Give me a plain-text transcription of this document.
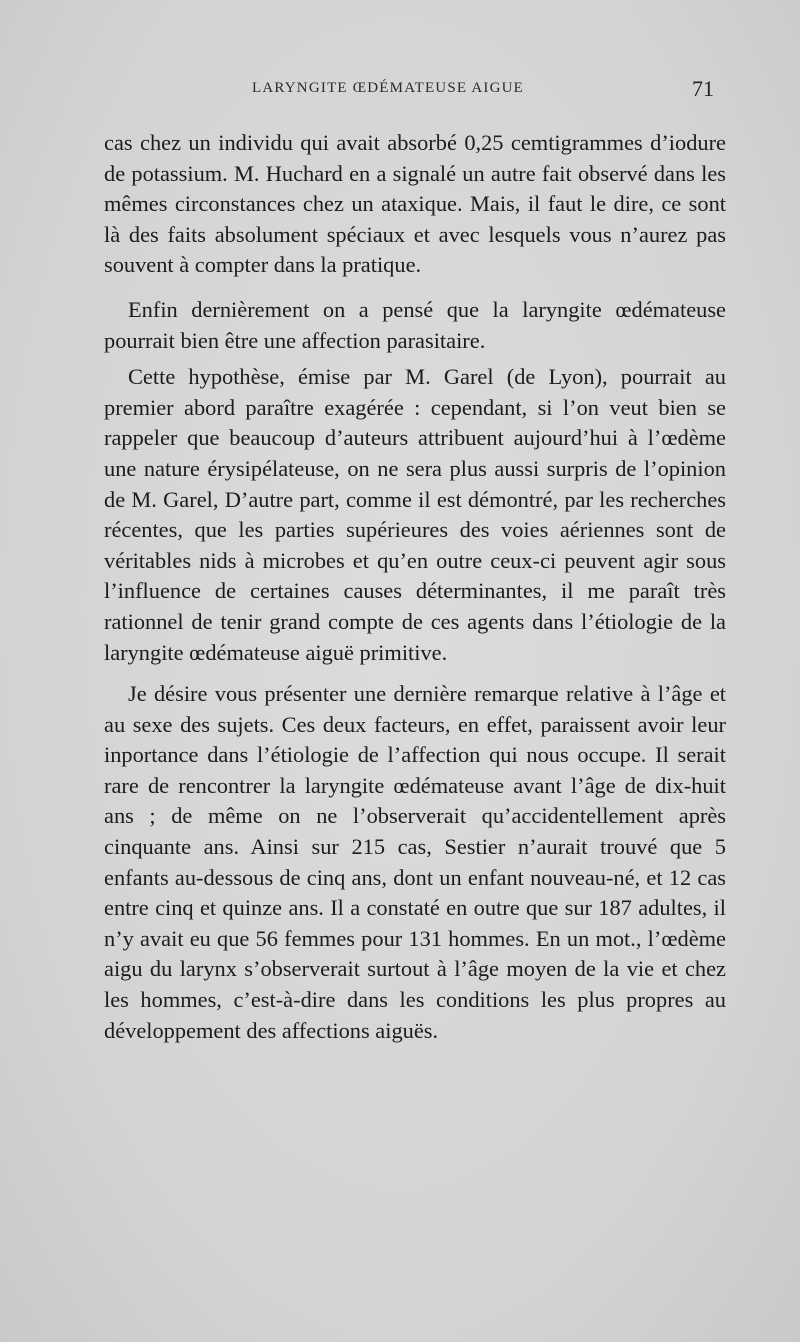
LARYNGITE ŒDÉMATEUSE AIGUE	71

cas chez un individu qui avait absorbé 0,25 cemtigrammes d’iodure de potassium. M. Huchard en a signalé un autre fait observé dans les mêmes circonstances chez un ataxique. Mais, il faut le dire, ce sont là des faits absolument spéciaux et avec lesquels vous n’aurez pas souvent à compter dans la pratique.

Enfin dernièrement on a pensé que la laryngite œdémateuse pourrait bien être une affection parasitaire.

Cette hypothèse, émise par M. Garel (de Lyon), pourrait au premier abord paraître exagérée : cependant, si l’on veut bien se rappeler que beaucoup d’auteurs attribuent aujourd’hui à l’œdème une nature érysipélateuse, on ne sera plus aussi surpris de l’opinion de M. Garel, D’autre part, comme il est démontré, par les recherches récentes, que les parties supérieures des voies aériennes sont de véritables nids à microbes et qu’en outre ceux-ci peuvent agir sous l’influence de certaines causes déterminantes, il me paraît très rationnel de tenir grand compte de ces agents dans l’étiologie de la laryngite œdémateuse aiguë primitive.

Je désire vous présenter une dernière remarque relative à l’âge et au sexe des sujets. Ces deux facteurs, en effet, paraissent avoir leur inportance dans l’étiologie de l’affection qui nous occupe. Il serait rare de rencontrer la laryngite œdémateuse avant l’âge de dix-huit ans ; de même on ne l’observerait qu’accidentellement après cinquante ans. Ainsi sur 215 cas, Sestier n’aurait trouvé que 5 enfants au-dessous de cinq ans, dont un enfant nouveau-né, et 12 cas entre cinq et quinze ans. Il a constaté en outre que sur 187 adultes, il n’y avait eu que 56 femmes pour 131 hommes. En un mot., l’œdème aigu du larynx s’observerait surtout à l’âge moyen de la vie et chez les hommes, c’est-à-dire dans les conditions les plus propres au développement des affections aiguës.
